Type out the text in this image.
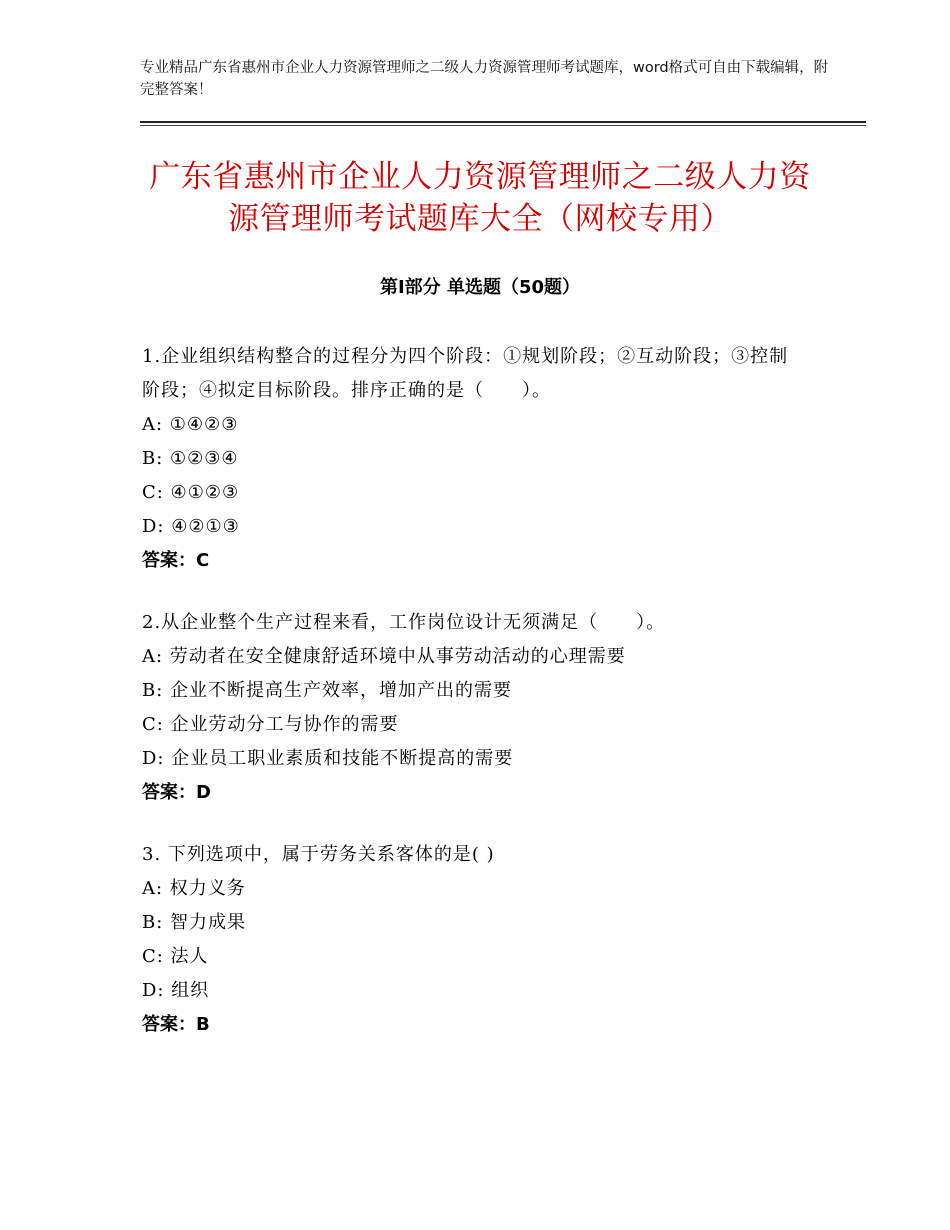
专业精品广东省惠州市企业人力资源管理师之二级人力资源管理师考试题库，word格式可自由下载编辑，附完整答案！
广东省惠州市企业人力资源管理师之二级人力资源管理师考试题库大全（网校专用）
第Ⅰ部分 单选题（50题）
1.企业组织结构整合的过程分为四个阶段：①规划阶段；②互动阶段；③控制阶段；④拟定目标阶段。排序正确的是（　　）。
A: ①④②③
B: ①②③④
C: ④①②③
D: ④②①③
答案：C
2.从企业整个生产过程来看，工作岗位设计无须满足（　　）。
A: 劳动者在安全健康舒适环境中从事劳动活动的心理需要
B: 企业不断提高生产效率，增加产出的需要
C: 企业劳动分工与协作的需要
D: 企业员工职业素质和技能不断提高的需要
答案：D
3. 下列选项中，属于劳务关系客体的是( )
A: 权力义务
B: 智力成果
C: 法人
D: 组织
答案：B
